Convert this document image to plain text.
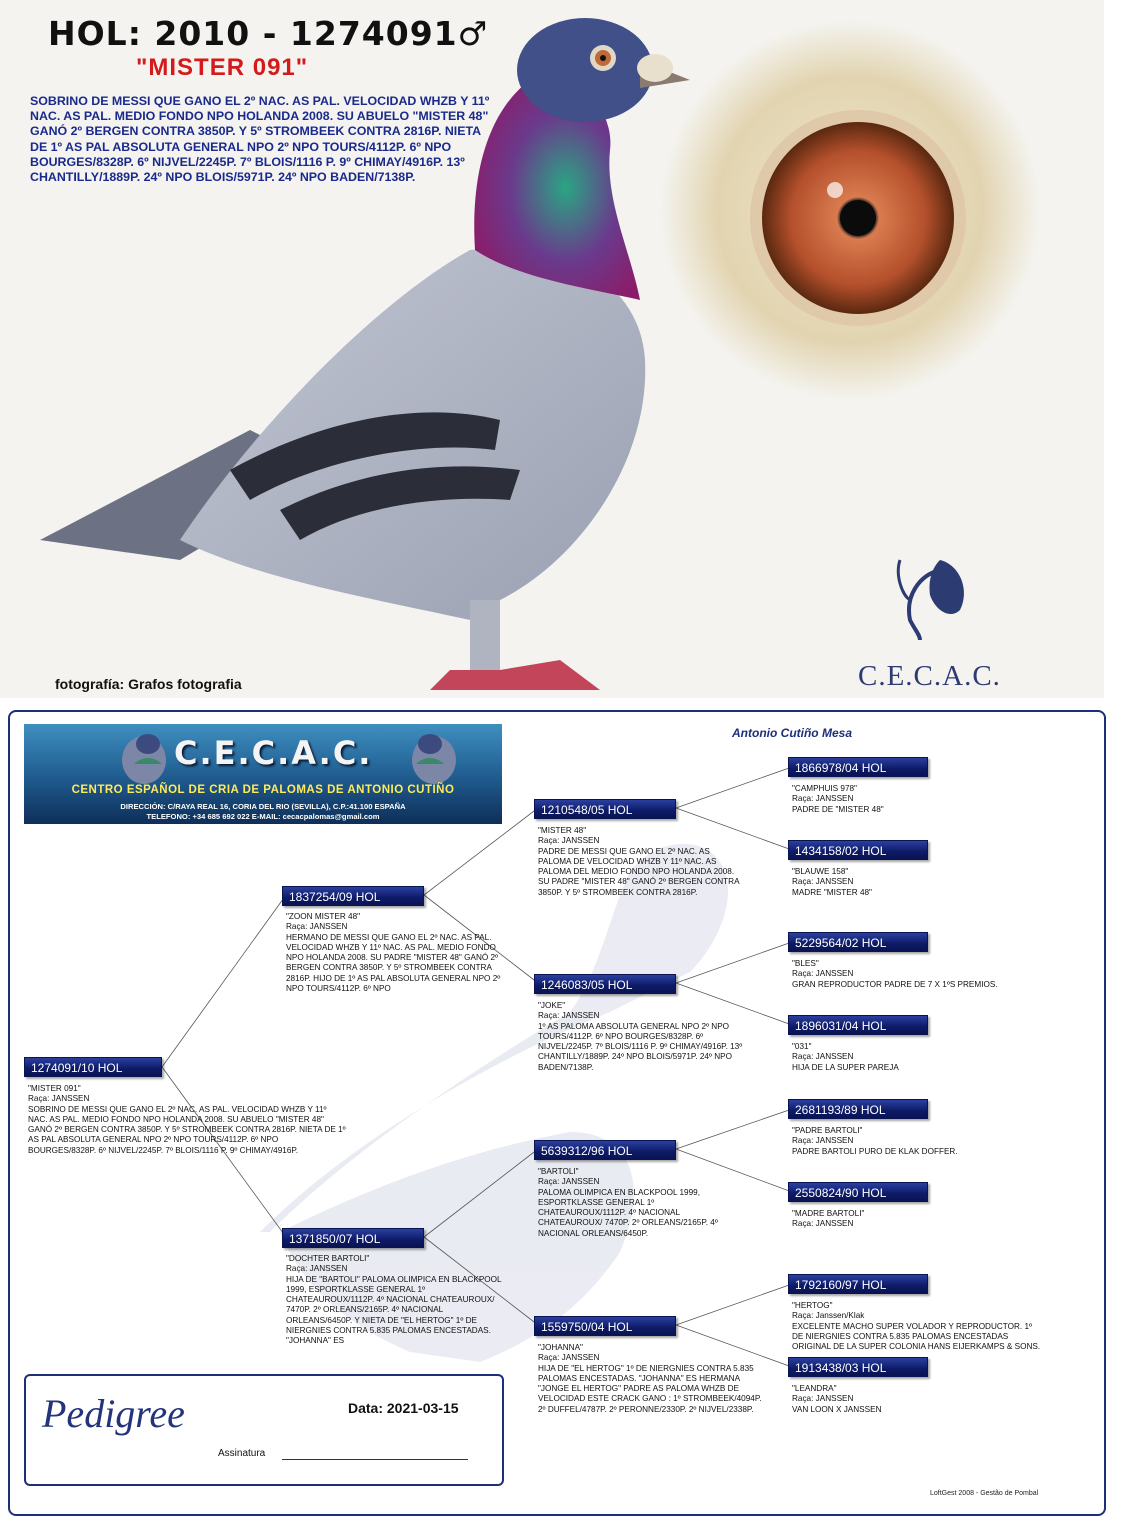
HOL: 2010 - 1274091♂
"MISTER 091"
SOBRINO DE MESSI QUE GANO EL 2º NAC. AS PAL. VELOCIDAD WHZB Y 11º NAC. AS PAL. MEDIO FONDO NPO HOLANDA 2008. SU ABUELO "MISTER 48" GANÓ 2º BERGEN CONTRA 3850P. Y 5º STROMBEEK CONTRA 2816P. NIETA DE 1º AS PAL ABSOLUTA GENERAL NPO 2º NPO TOURS/4112P. 6º NPO BOURGES/8328P. 6º NIJVEL/2245P. 7º BLOIS/1116 P. 9º CHIMAY/4916P. 13º CHANTILLY/1889P. 24º NPO BLOIS/5971P. 24º NPO BADEN/7138P.
fotografía: Grafos fotografia	C.E.C.A.C.
Antonio Cutiño Mesa
C.E.C.A.C.
CENTRO ESPAÑOL DE CRIA DE PALOMAS DE ANTONIO CUTIÑO
DIRECCIÓN: C/RAYA REAL 16, CORIA DEL RIO (SEVILLA), C.P.:41.100 ESPAÑA
TELEFONO: +34 685 692 022 E-MAIL: cecacpalomas@gmail.com
1274091/10 HOL
"MISTER 091"
Raça: JANSSEN
SOBRINO DE MESSI QUE GANO EL 2º NAC. AS PAL. VELOCIDAD WHZB Y 11º NAC. AS PAL. MEDIO FONDO NPO HOLANDA 2008. SU ABUELO "MISTER 48" GANÓ 2º BERGEN CONTRA 3850P. Y 5º STROMBEEK CONTRA 2816P. NIETA DE 1º AS PAL ABSOLUTA GENERAL NPO 2º NPO TOURS/4112P. 6º NPO BOURGES/8328P. 6º NIJVEL/2245P. 7º BLOIS/1116 P. 9º CHIMAY/4916P.
1837254/09 HOL
"ZOON MISTER 48"
Raça: JANSSEN
HERMANO DE MESSI QUE GANO EL 2º NAC. AS PAL. VELOCIDAD WHZB Y 11º NAC. AS PAL. MEDIO FONDO NPO HOLANDA 2008. SU PADRE "MISTER 48" GANÓ 2º BERGEN CONTRA 3850P. Y 5º STROMBEEK CONTRA 2816P. HIJO DE 1º AS PAL ABSOLUTA GENERAL NPO 2º NPO TOURS/4112P. 6º NPO
1371850/07 HOL
"DOCHTER BARTOLI"
Raça: JANSSEN
HIJA DE "BARTOLI" PALOMA OLIMPICA EN BLACKPOOL 1999, ESPORTKLASSE GENERAL 1º CHATEAUROUX/1112P. 4º NACIONAL CHATEAUROUX/ 7470P. 2º ORLEANS/2165P. 4º NACIONAL ORLEANS/6450P. Y NIETA DE "EL HERTOG" 1º DE NIERGNIES CONTRA 5.835 PALOMAS ENCESTADAS. "JOHANNA" ES
1210548/05 HOL
"MISTER 48"
Raça: JANSSEN
PADRE DE MESSI QUE GANO EL 2º NAC. AS PALOMA DE VELOCIDAD WHZB Y 11º NAC. AS PALOMA DEL MEDIO FONDO NPO HOLANDA 2008. SU PADRE "MISTER 48" GANÓ 2º BERGEN CONTRA 3850P. Y 5º STROMBEEK CONTRA 2816P.
1246083/05 HOL
"JOKE"
Raça: JANSSEN
1º AS PALOMA ABSOLUTA GENERAL NPO 2º NPO TOURS/4112P. 6º NPO BOURGES/8328P. 6º NIJVEL/2245P. 7º BLOIS/1116 P. 9º CHIMAY/4916P. 13º CHANTILLY/1889P. 24º NPO BLOIS/5971P. 24º NPO BADEN/7138P.
5639312/96 HOL
"BARTOLI"
Raça: JANSSEN
PALOMA OLIMPICA EN BLACKPOOL 1999, ESPORTKLASSE GENERAL 1º CHATEAUROUX/1112P. 4º NACIONAL CHATEAUROUX/ 7470P. 2º ORLEANS/2165P. 4º NACIONAL ORLEANS/6450P.
1559750/04 HOL
"JOHANNA"
Raça: JANSSEN
HIJA DE "EL HERTOG" 1º DE NIERGNIES CONTRA 5.835 PALOMAS ENCESTADAS. "JOHANNA" ES HERMANA "JONGE EL HERTOG" PADRE AS PALOMA WHZB DE VELOCIDAD ESTE CRACK GANO : 1º STROMBEEK/4094P. 2º DUFFEL/4787P. 2º PERONNE/2330P. 2º NIJVEL/2338P.
1866978/04 HOL
"CAMPHUIS 978"
Raça: JANSSEN
PADRE DE "MISTER 48"
1434158/02 HOL
"BLAUWE 158"
Raça: JANSSEN
MADRE "MISTER 48"
5229564/02 HOL
"BLES"
Raça: JANSSEN
GRAN REPRODUCTOR PADRE DE 7 X 1ºS PREMIOS.
1896031/04 HOL
"031"
Raça: JANSSEN
HIJA DE LA SUPER PAREJA
2681193/89 HOL
"PADRE BARTOLI"
Raça: JANSSEN
PADRE BARTOLI PURO DE KLAK DOFFER.
2550824/90 HOL
"MADRE BARTOLI"
Raça: JANSSEN
1792160/97 HOL
"HERTOG"
Raça: Janssen/Klak
EXCELENTE MACHO SUPER VOLADOR Y REPRODUCTOR. 1º DE NIERGNIES CONTRA 5.835 PALOMAS ENCESTADAS ORIGINAL DE LA SUPER COLONIA HANS EIJERKAMPS & SONS.
1913438/03 HOL
"LEANDRA"
Raça: JANSSEN
VAN LOON X JANSSEN
Pedigree	Data: 2021-03-15
Assinatura
LoftGest 2008 - Gestão de Pombal
